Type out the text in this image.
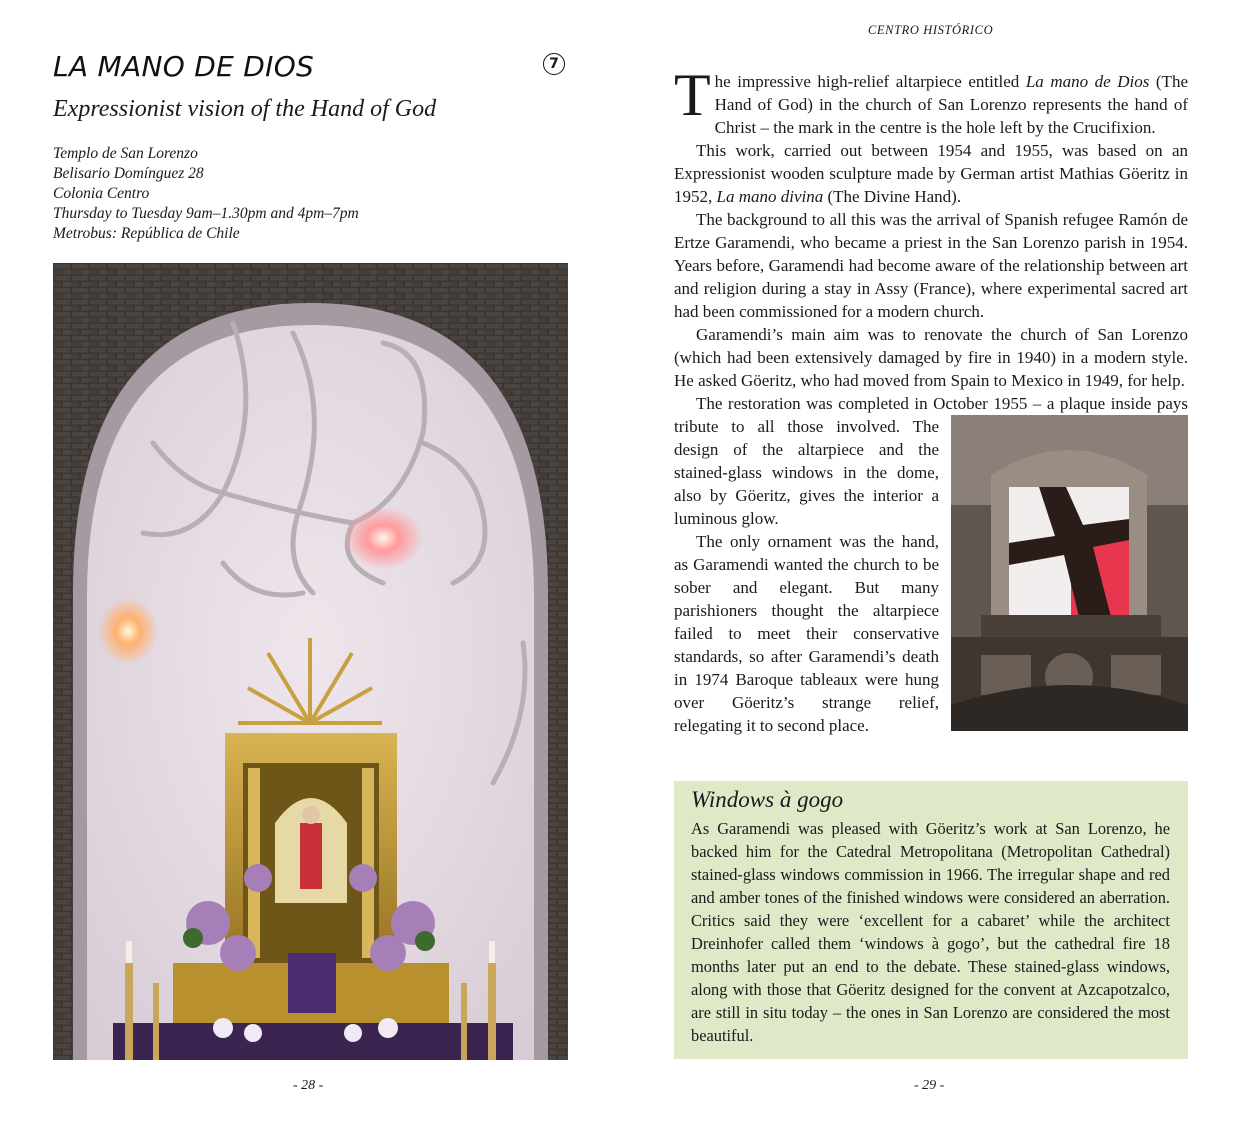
LA MANO DE DIOS	7
Expressionist vision of the Hand of God
Templo de San Lorenzo
Belisario Domínguez 28
Colonia Centro
Thursday to Tuesday 9am–1.30pm and 4pm–7pm
Metrobus: República de Chile
- 28 -
CENTRO HISTÓRICO

The impressive high-relief altarpiece entitled La mano de Dios (The Hand of God) in the church of San Lorenzo represents the hand of Christ – the mark in the centre is the hole left by the Crucifixion.

This work, carried out between 1954 and 1955, was based on an Expressionist wooden sculpture made by German artist Mathias Göeritz in 1952, La mano divina (The Divine Hand).

The background to all this was the arrival of Spanish refugee Ramón de Ertze Garamendi, who became a priest in the San Lorenzo parish in 1954. Years before, Garamendi had become aware of the relationship between art and religion during a stay in Assy (France), where experimental sacred art had been commissioned for a modern church.

Garamendi’s main aim was to renovate the church of San Lorenzo (which had been extensively damaged by fire in 1940) in a modern style. He asked Göeritz, who had moved from Spain to Mexico in 1949, for help.

The restoration was completed in October 1955 – a plaque inside
pays tribute to all those involved. The design of the altarpiece and the stained-glass windows in the dome, also by Göeritz, gives the interior a luminous glow.

The only ornament was the hand, as Garamendi wanted the church to be sober and elegant. But many parishioners thought the altarpiece failed to meet their conservative standards, so after Garamendi’s death in 1974 Baroque tableaux were hung over Göeritz’s strange relief, relegating it to second place.

Windows à gogo

As Garamendi was pleased with Göeritz’s work at San Lorenzo, he backed him for the Catedral Metropolitana (Metropolitan Cathedral) stained-glass windows commission in 1966. The irregular shape and red and amber tones of the finished windows were considered an aberration. Critics said they were ‘excellent for a cabaret’ while the architect Dreinhofer called them ‘windows à gogo’, but the cathedral fire 18 months later put an end to the debate. These stained-glass windows, along with those that Göeritz designed for the convent at Azcapotzalco, are still in situ today – the ones in San Lorenzo are considered the most beautiful.

- 29 -
